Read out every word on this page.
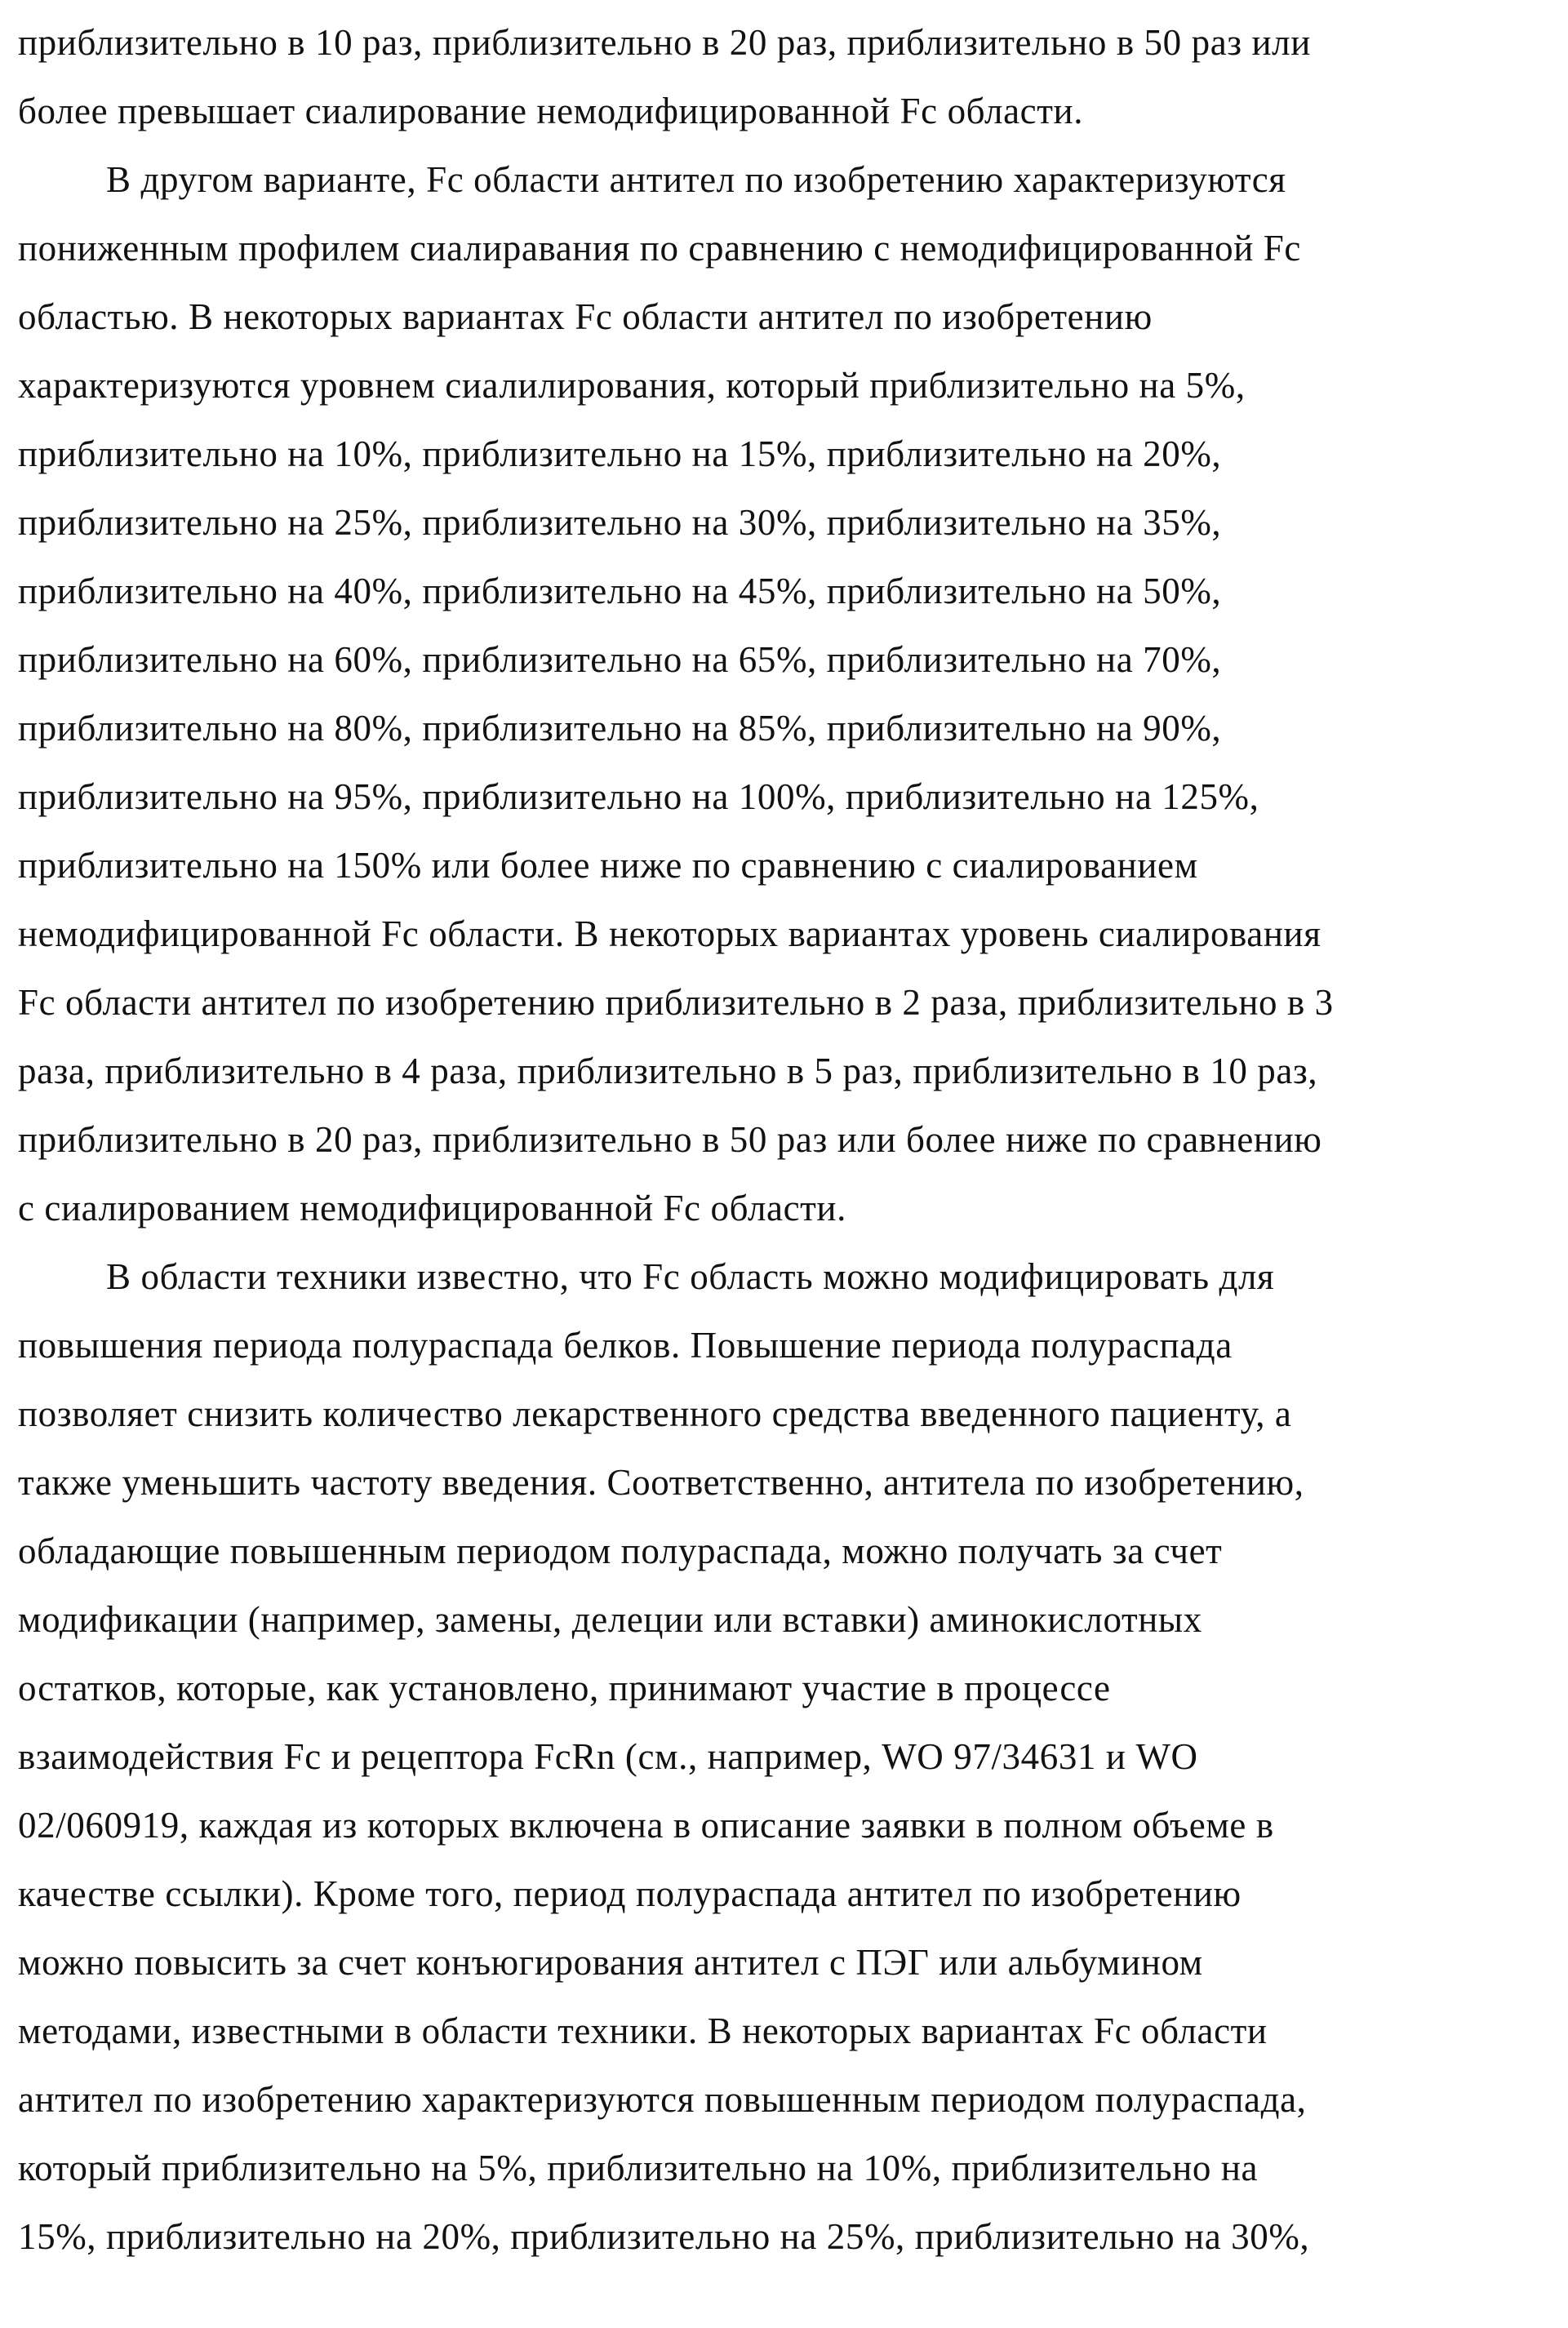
приблизительно в 10 раз, приблизительно в 20 раз, приблизительно в 50 раз или
более превышает сиалирование немодифицированной Fc области.
В другом варианте, Fc области антител по изобретению характеризуются
пониженным профилем сиалиравания по сравнению с немодифицированной Fc
областью. В некоторых вариантах Fc области антител по изобретению
характеризуются уровнем сиалилирования, который приблизительно на 5%,
приблизительно на 10%, приблизительно на 15%, приблизительно на 20%,
приблизительно на 25%, приблизительно на 30%, приблизительно на 35%,
приблизительно на 40%, приблизительно на 45%, приблизительно на 50%,
приблизительно на 60%, приблизительно на 65%, приблизительно на 70%,
приблизительно на 80%, приблизительно на 85%, приблизительно на 90%,
приблизительно на 95%, приблизительно на 100%, приблизительно на 125%,
приблизительно на 150% или более ниже по сравнению с сиалированием
немодифицированной Fc области. В некоторых вариантах уровень сиалирования
Fc области антител по изобретению приблизительно в 2 раза, приблизительно в 3
раза, приблизительно в 4 раза, приблизительно в 5 раз, приблизительно в 10 раз,
приблизительно в 20 раз, приблизительно в 50 раз или более ниже по сравнению
с сиалированием немодифицированной Fc области.
В области техники известно, что Fc область можно модифицировать для
повышения периода полураспада белков. Повышение периода полураспада
позволяет снизить количество лекарственного средства введенного пациенту, а
также уменьшить частоту введения. Соответственно, антитела по изобретению,
обладающие повышенным периодом полураспада, можно получать за счет
модификации (например, замены, делеции или вставки) аминокислотных
остатков, которые, как установлено, принимают участие в процессе
взаимодействия Fc и рецептора FcRn (см., например, WO 97/34631 и WO
02/060919, каждая из которых включена в описание заявки в полном объеме в
качестве ссылки). Кроме того, период полураспада антител по изобретению
можно повысить за счет конъюгирования антител с ПЭГ или альбумином
методами, известными в области техники. В некоторых вариантах Fc области
антител по изобретению характеризуются повышенным периодом полураспада,
который приблизительно на 5%, приблизительно на 10%, приблизительно на
15%, приблизительно на 20%, приблизительно на 25%, приблизительно на 30%,
